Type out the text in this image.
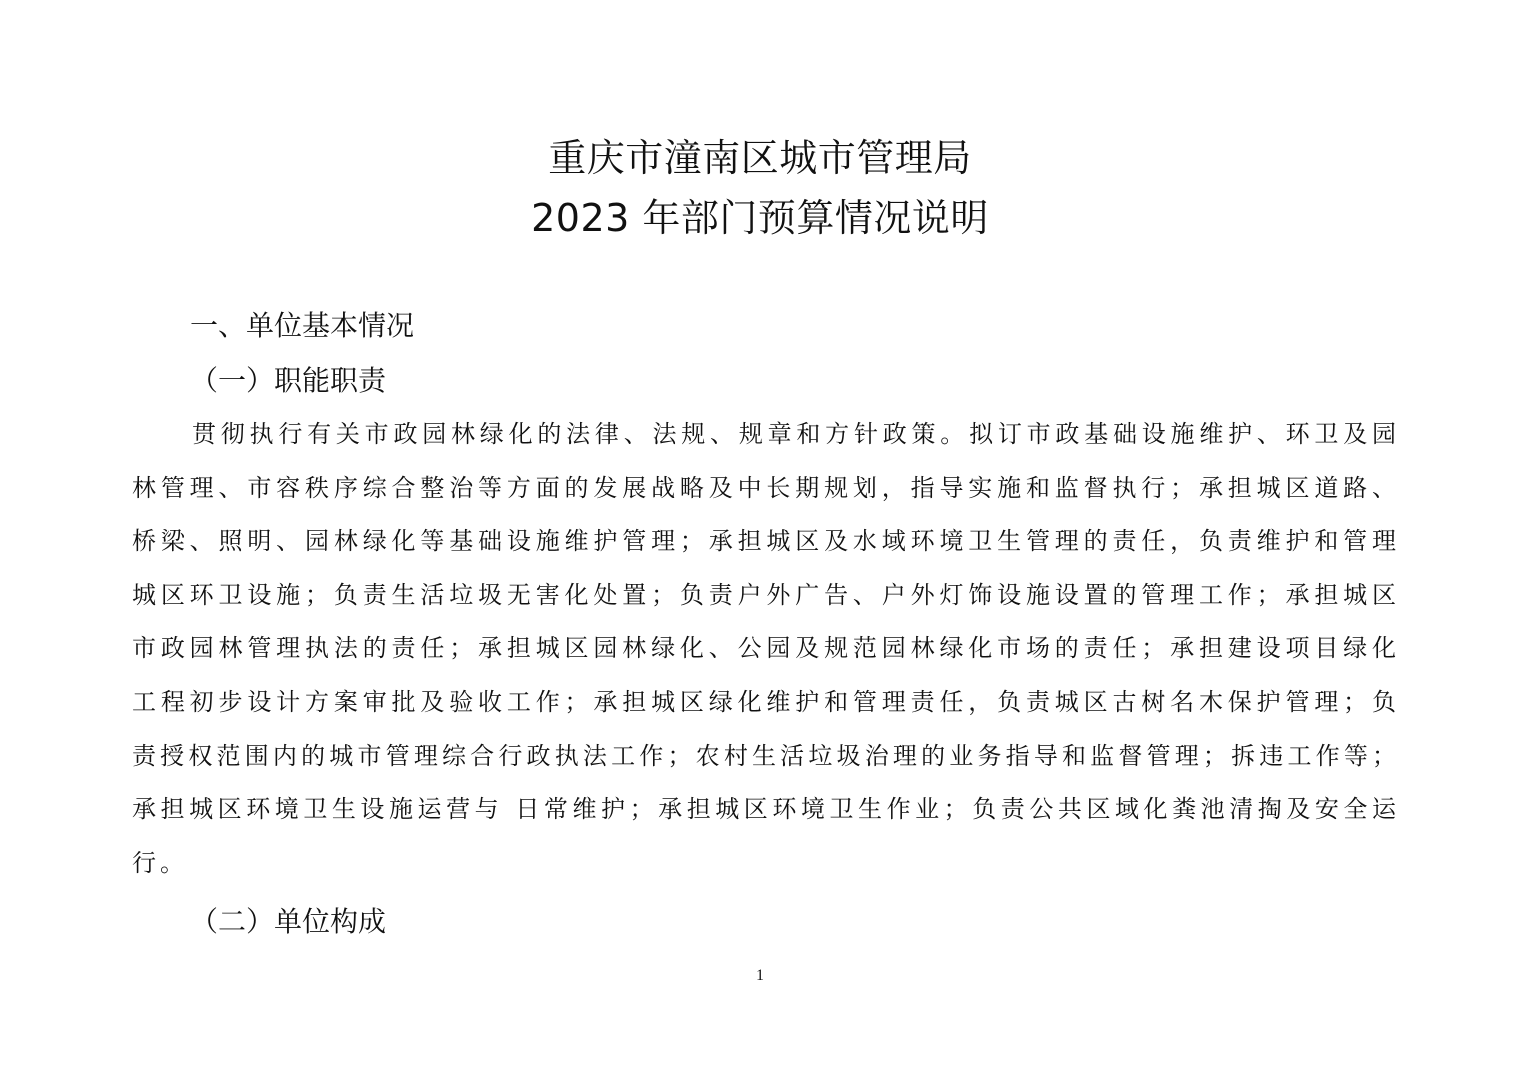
重庆市潼南区城市管理局
2023 年部门预算情况说明
一、单位基本情况
（一）职能职责
贯彻执行有关市政园林绿化的法律、法规、规章和方针政策。拟订市政基础设施维护、环卫及园
林管理、市容秩序综合整治等方面的发展战略及中长期规划，指导实施和监督执行；承担城区道路、
桥梁、照明、园林绿化等基础设施维护管理；承担城区及水域环境卫生管理的责任，负责维护和管理
城区环卫设施；负责生活垃圾无害化处置；负责户外广告、户外灯饰设施设置的管理工作；承担城区
市政园林管理执法的责任；承担城区园林绿化、公园及规范园林绿化市场的责任；承担建设项目绿化
工程初步设计方案审批及验收工作；承担城区绿化维护和管理责任，负责城区古树名木保护管理；负
责授权范围内的城市管理综合行政执法工作；农村生活垃圾治理的业务指导和监督管理；拆违工作等；
承担城区环境卫生设施运营与 日常维护；承担城区环境卫生作业；负责公共区域化粪池清掏及安全运
行。
（二）单位构成
1
